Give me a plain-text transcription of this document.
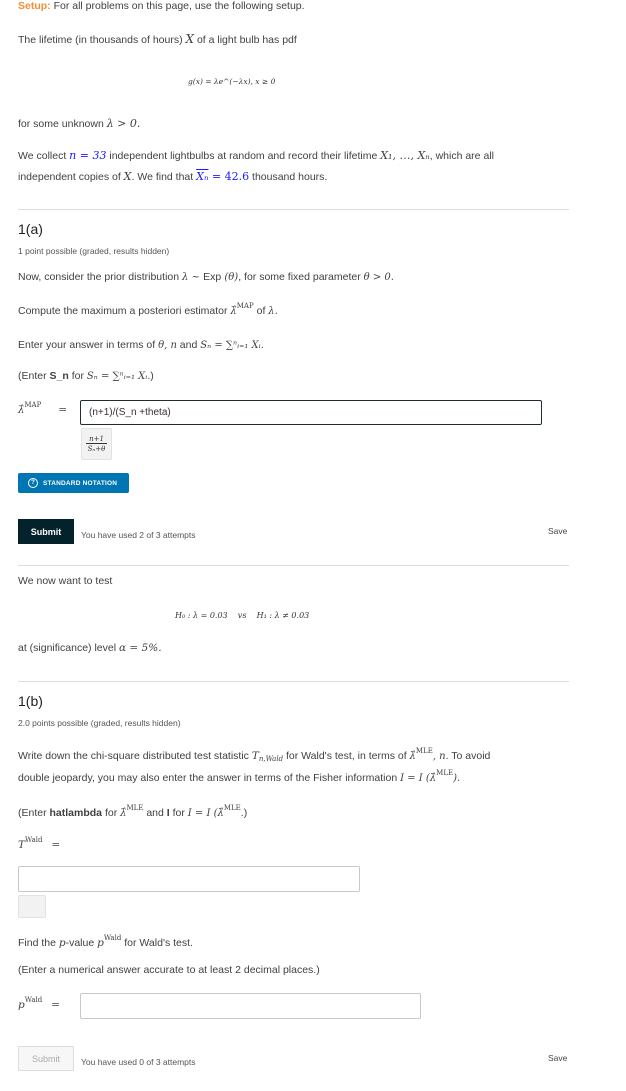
Setup: For all problems on this page, use the following setup.
The lifetime (in thousands of hours) X of a light bulb has pdf
g(x) = λe^(−λx), x ≥ 0
for some unknown λ > 0.
We collect n = 33 independent lightbulbs at random and record their lifetime X₁, …, Xₙ, which are all
independent copies of X. We find that $\overline{X_n} = 42.6$ thousand hours.
1(a)
1 point possible (graded, results hidden)
Now, consider the prior distribution λ ~ Exp (θ), for some fixed parameter θ > 0.
Compute the maximum a posteriori estimator λ̂$^{MAP}$ of λ.
Enter your answer in terms of θ, n and Sₙ = ∑ⁿᵢ₌₁ Xᵢ.
(Enter S_n for Sₙ = ∑ⁿᵢ₌₁ Xᵢ.)
λ̂$^{MAP}$ =	(n+1)/(S_n +theta)
$\frac{n+1}{\text{Sₙ+θ}}$
?	STANDARD NOTATION
Submit	You have used 2 of 3 attempts	Save
We now want to test
H₀ : λ = 0.03    vs    H₁ : λ ≠ 0.03
at (significance) level α = 5%.
1(b)
2.0 points possible (graded, results hidden)
Write down the chi-square distributed test statistic $T_{n,Wald}$ for Wald's test, in terms of λ̂$^{MLE}$, n. To avoid
double jeopardy, you may also enter the answer in terms of the Fisher information I = I (λ̂$^{MLE}$).
(Enter hatlambda for λ̂$^{MLE}$ and I for I = I (λ̂$^{MLE}$.)
$T^{Wald}$ =
Find the p-value $p^{Wald}$ for Wald's test.
(Enter a numerical answer accurate to at least 2 decimal places.)
$p^{Wald}$ =
Submit	You have used 0 of 3 attempts	Save
